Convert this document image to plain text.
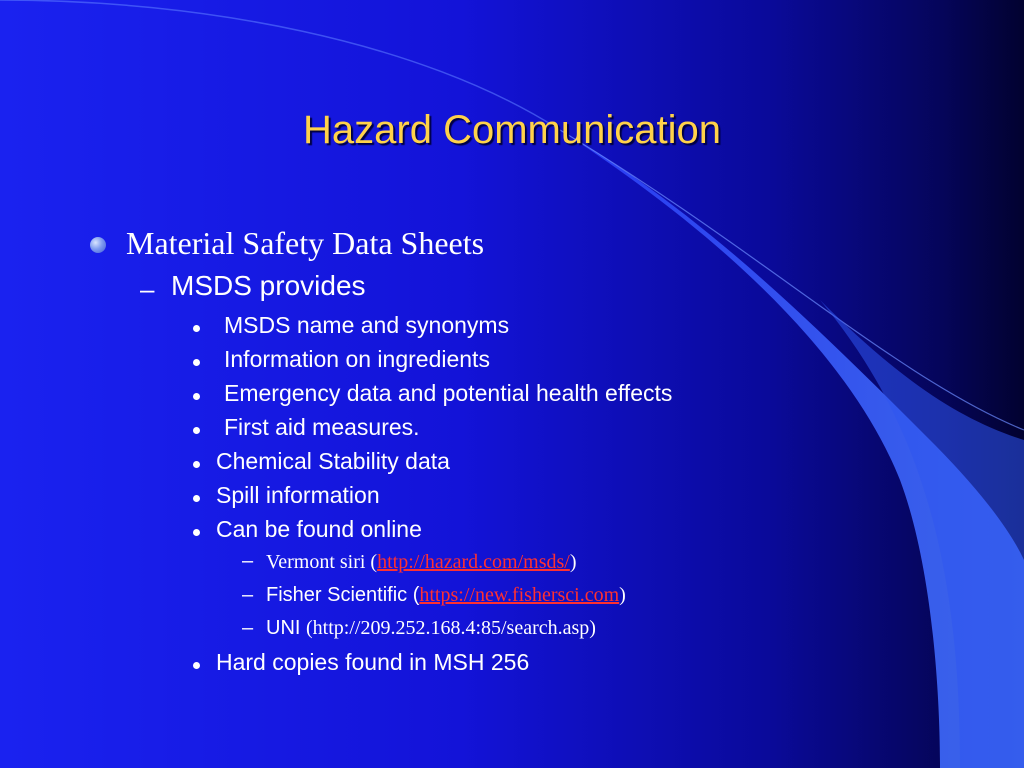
Hazard Communication
Material Safety Data Sheets
– MSDS provides
MSDS name and synonyms
Information on ingredients
Emergency data and potential health effects
First aid measures.
Chemical Stability data
Spill information
Can be found online
– Vermont siri (http://hazard.com/msds/)
– Fisher Scientific (https://new.fishersci.com)
– UNI (http://209.252.168.4:85/search.asp)
Hard copies found in MSH 256
